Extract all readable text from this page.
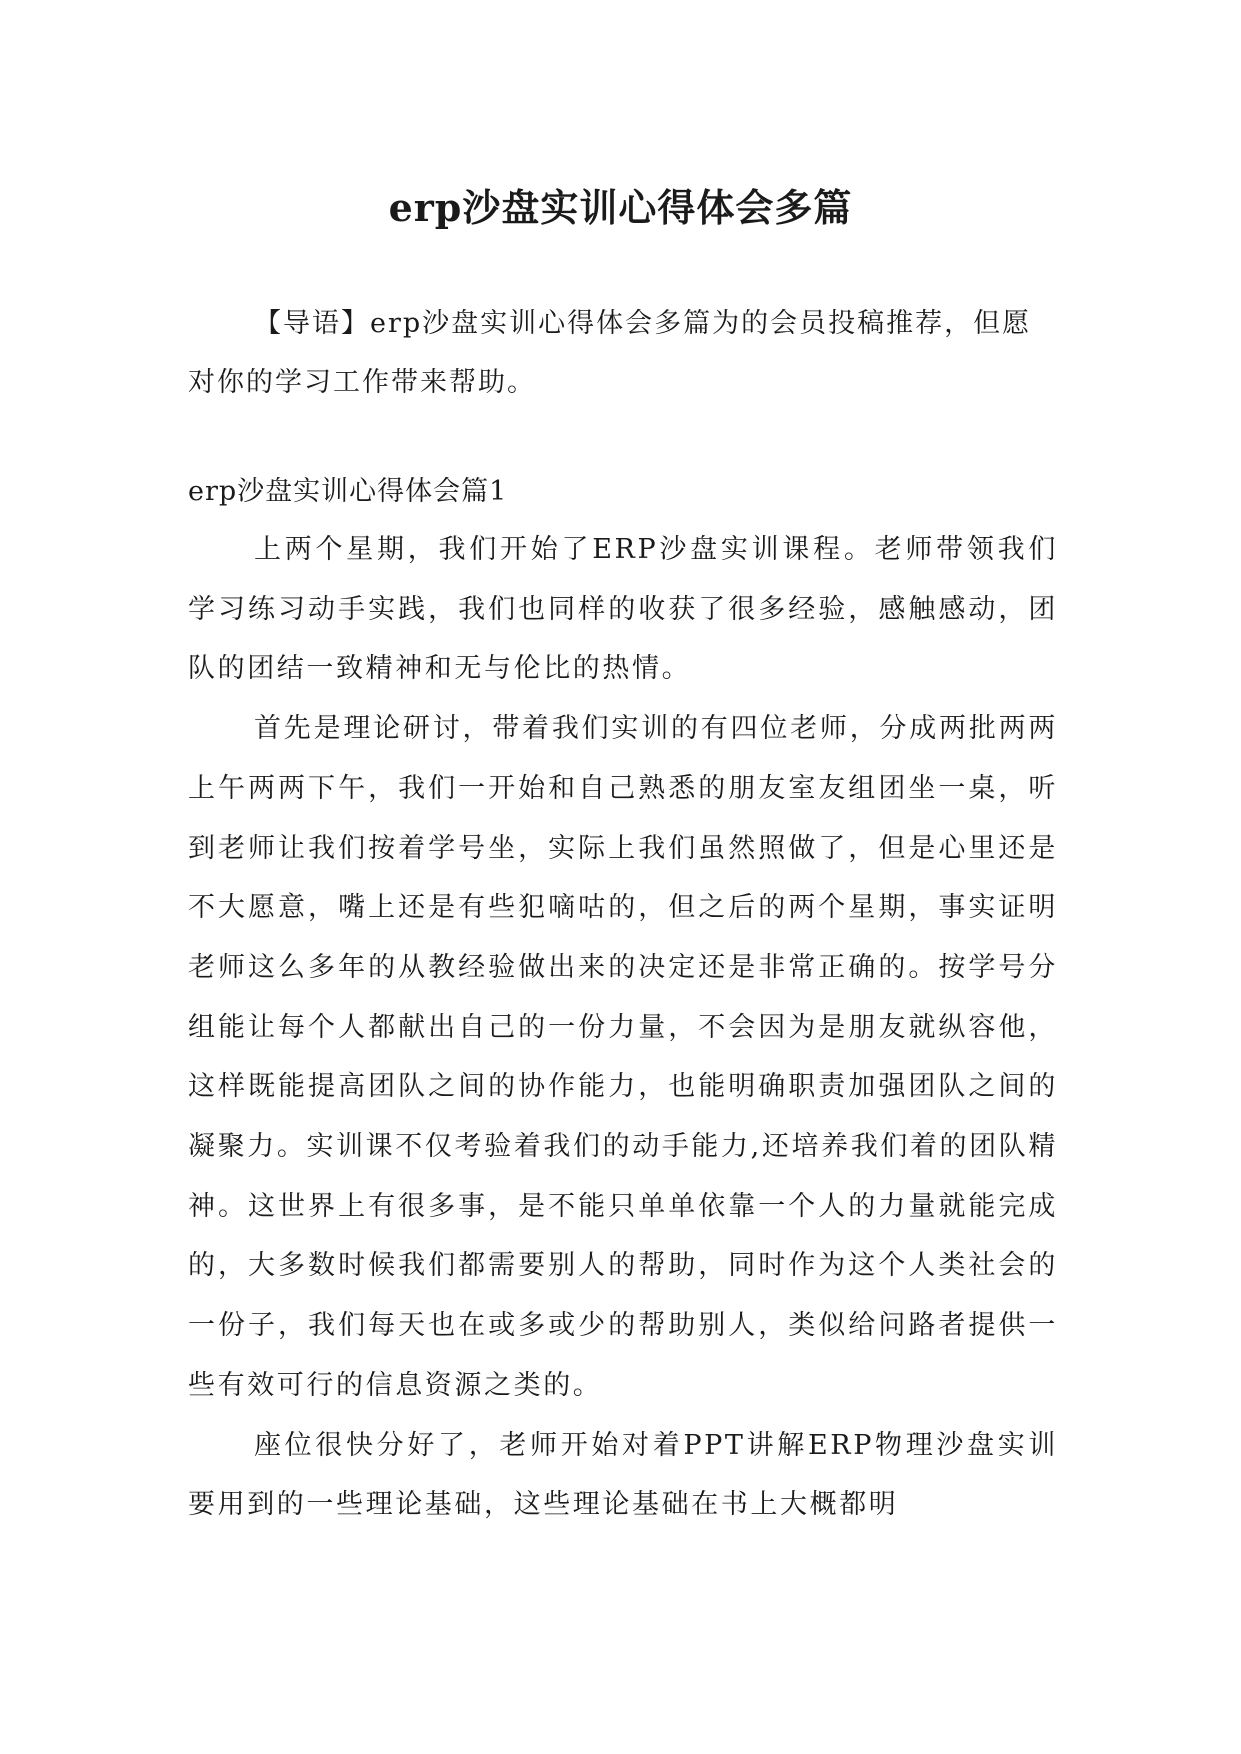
erp沙盘实训心得体会多篇

【导语】erp沙盘实训心得体会多篇为的会员投稿推荐，但愿对你的学习工作带来帮助。

erp沙盘实训心得体会篇1

上两个星期，我们开始了ERP沙盘实训课程。老师带领我们学习练习动手实践，我们也同样的收获了很多经验，感触感动，团队的团结一致精神和无与伦比的热情。

首先是理论研讨，带着我们实训的有四位老师，分成两批两两上午两两下午，我们一开始和自己熟悉的朋友室友组团坐一桌，听到老师让我们按着学号坐，实际上我们虽然照做了，但是心里还是不大愿意，嘴上还是有些犯嘀咕的，但之后的两个星期，事实证明老师这么多年的从教经验做出来的决定还是非常正确的。按学号分组能让每个人都献出自己的一份力量，不会因为是朋友就纵容他，这样既能提高团队之间的协作能力，也能明确职责加强团队之间的凝聚力。实训课不仅考验着我们的动手能力,还培养我们着的团队精神。这世界上有很多事，是不能只单单依靠一个人的力量就能完成的，大多数时候我们都需要别人的帮助，同时作为这个人类社会的一份子，我们每天也在或多或少的帮助别人，类似给问路者提供一些有效可行的信息资源之类的。

座位很快分好了，老师开始对着PPT讲解ERP物理沙盘实训要用到的一些理论基础，这些理论基础在书上大概都明
